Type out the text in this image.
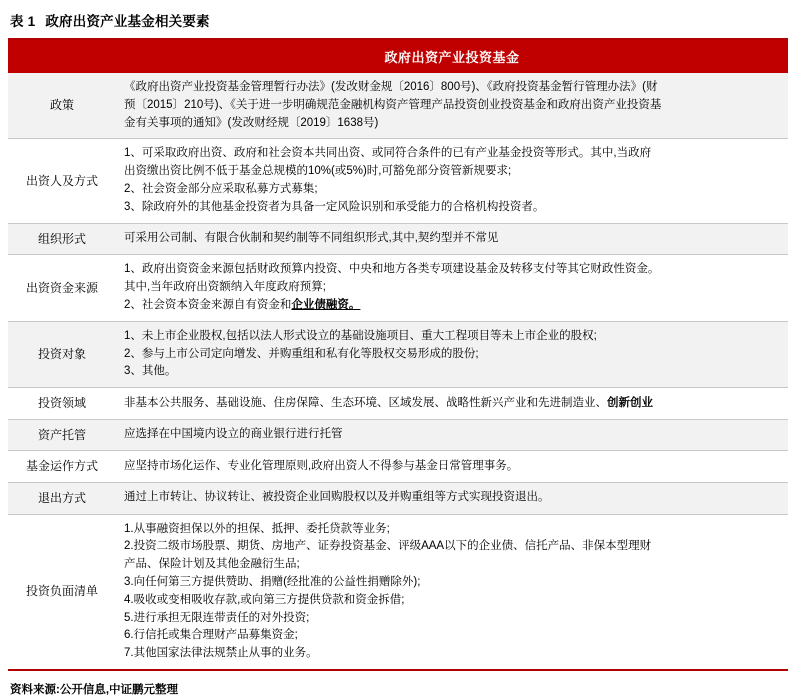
表 1 政府出资产业基金相关要素
	政府出资产业投资基金
政策	《政府出资产业投资基金管理暂行办法》(发改财金规〔2016〕800号)、《政府投资基金暂行管理办法》(财
预〔2015〕210号)、《关于进一步明确规范金融机构资产管理产品投资创业投资基金和政府出资产业投资基
金有关事项的通知》(发改财经规〔2019〕1638号)

出资人及方式	1、可采取政府出资、政府和社会资本共同出资、或同符合条件的已有产业基金投资等形式。其中,当政府
出资缴出资比例不低于基金总规模的10%(或5%)时,可豁免部分资管新规要求;
2、社会资金部分应采取私募方式募集;
3、除政府外的其他基金投资者为具备一定风险识别和承受能力的合格机构投资者。

组织形式	可采用公司制、有限合伙制和契约制等不同组织形式,其中,契约型并不常见

出资资金来源	1、政府出资资金来源包括财政预算内投资、中央和地方各类专项建设基金及转移支付等其它财政性资金。
其中,当年政府出资额纳入年度政府预算;
2、社会资本资金来源自有资金和企业债融资。

投资对象	1、未上市企业股权,包括以法人形式设立的基础设施项目、重大工程项目等未上市企业的股权;
2、参与上市公司定向增发、并购重组和私有化等股权交易形成的股份;
3、其他。

投资领域	非基本公共服务、基础设施、住房保障、生态环境、区域发展、战略性新兴产业和先进制造业、创新创业

资产托管	应选择在中国境内设立的商业银行进行托管

基金运作方式	应坚持市场化运作、专业化管理原则,政府出资人不得参与基金日常管理事务。

退出方式	通过上市转让、协议转让、被投资企业回购股权以及并购重组等方式实现投资退出。

投资负面清单	
1.从事融资担保以外的担保、抵押、委托贷款等业务;
2.投资二级市场股票、期货、房地产、证券投资基金、评级AAA以下的企业债、信托产品、非保本型理财
产品、保险计划及其他金融衍生品;
3.向任何第三方提供赞助、捐赠(经批准的公益性捐赠除外);
4.吸收或变相吸收存款,或向第三方提供贷款和资金拆借;
5.进行承担无限连带责任的对外投资;
6.行信托或集合理财产品募集资金;
7.其他国家法律法规禁止从事的业务。
资料来源:公开信息,中证鹏元整理
